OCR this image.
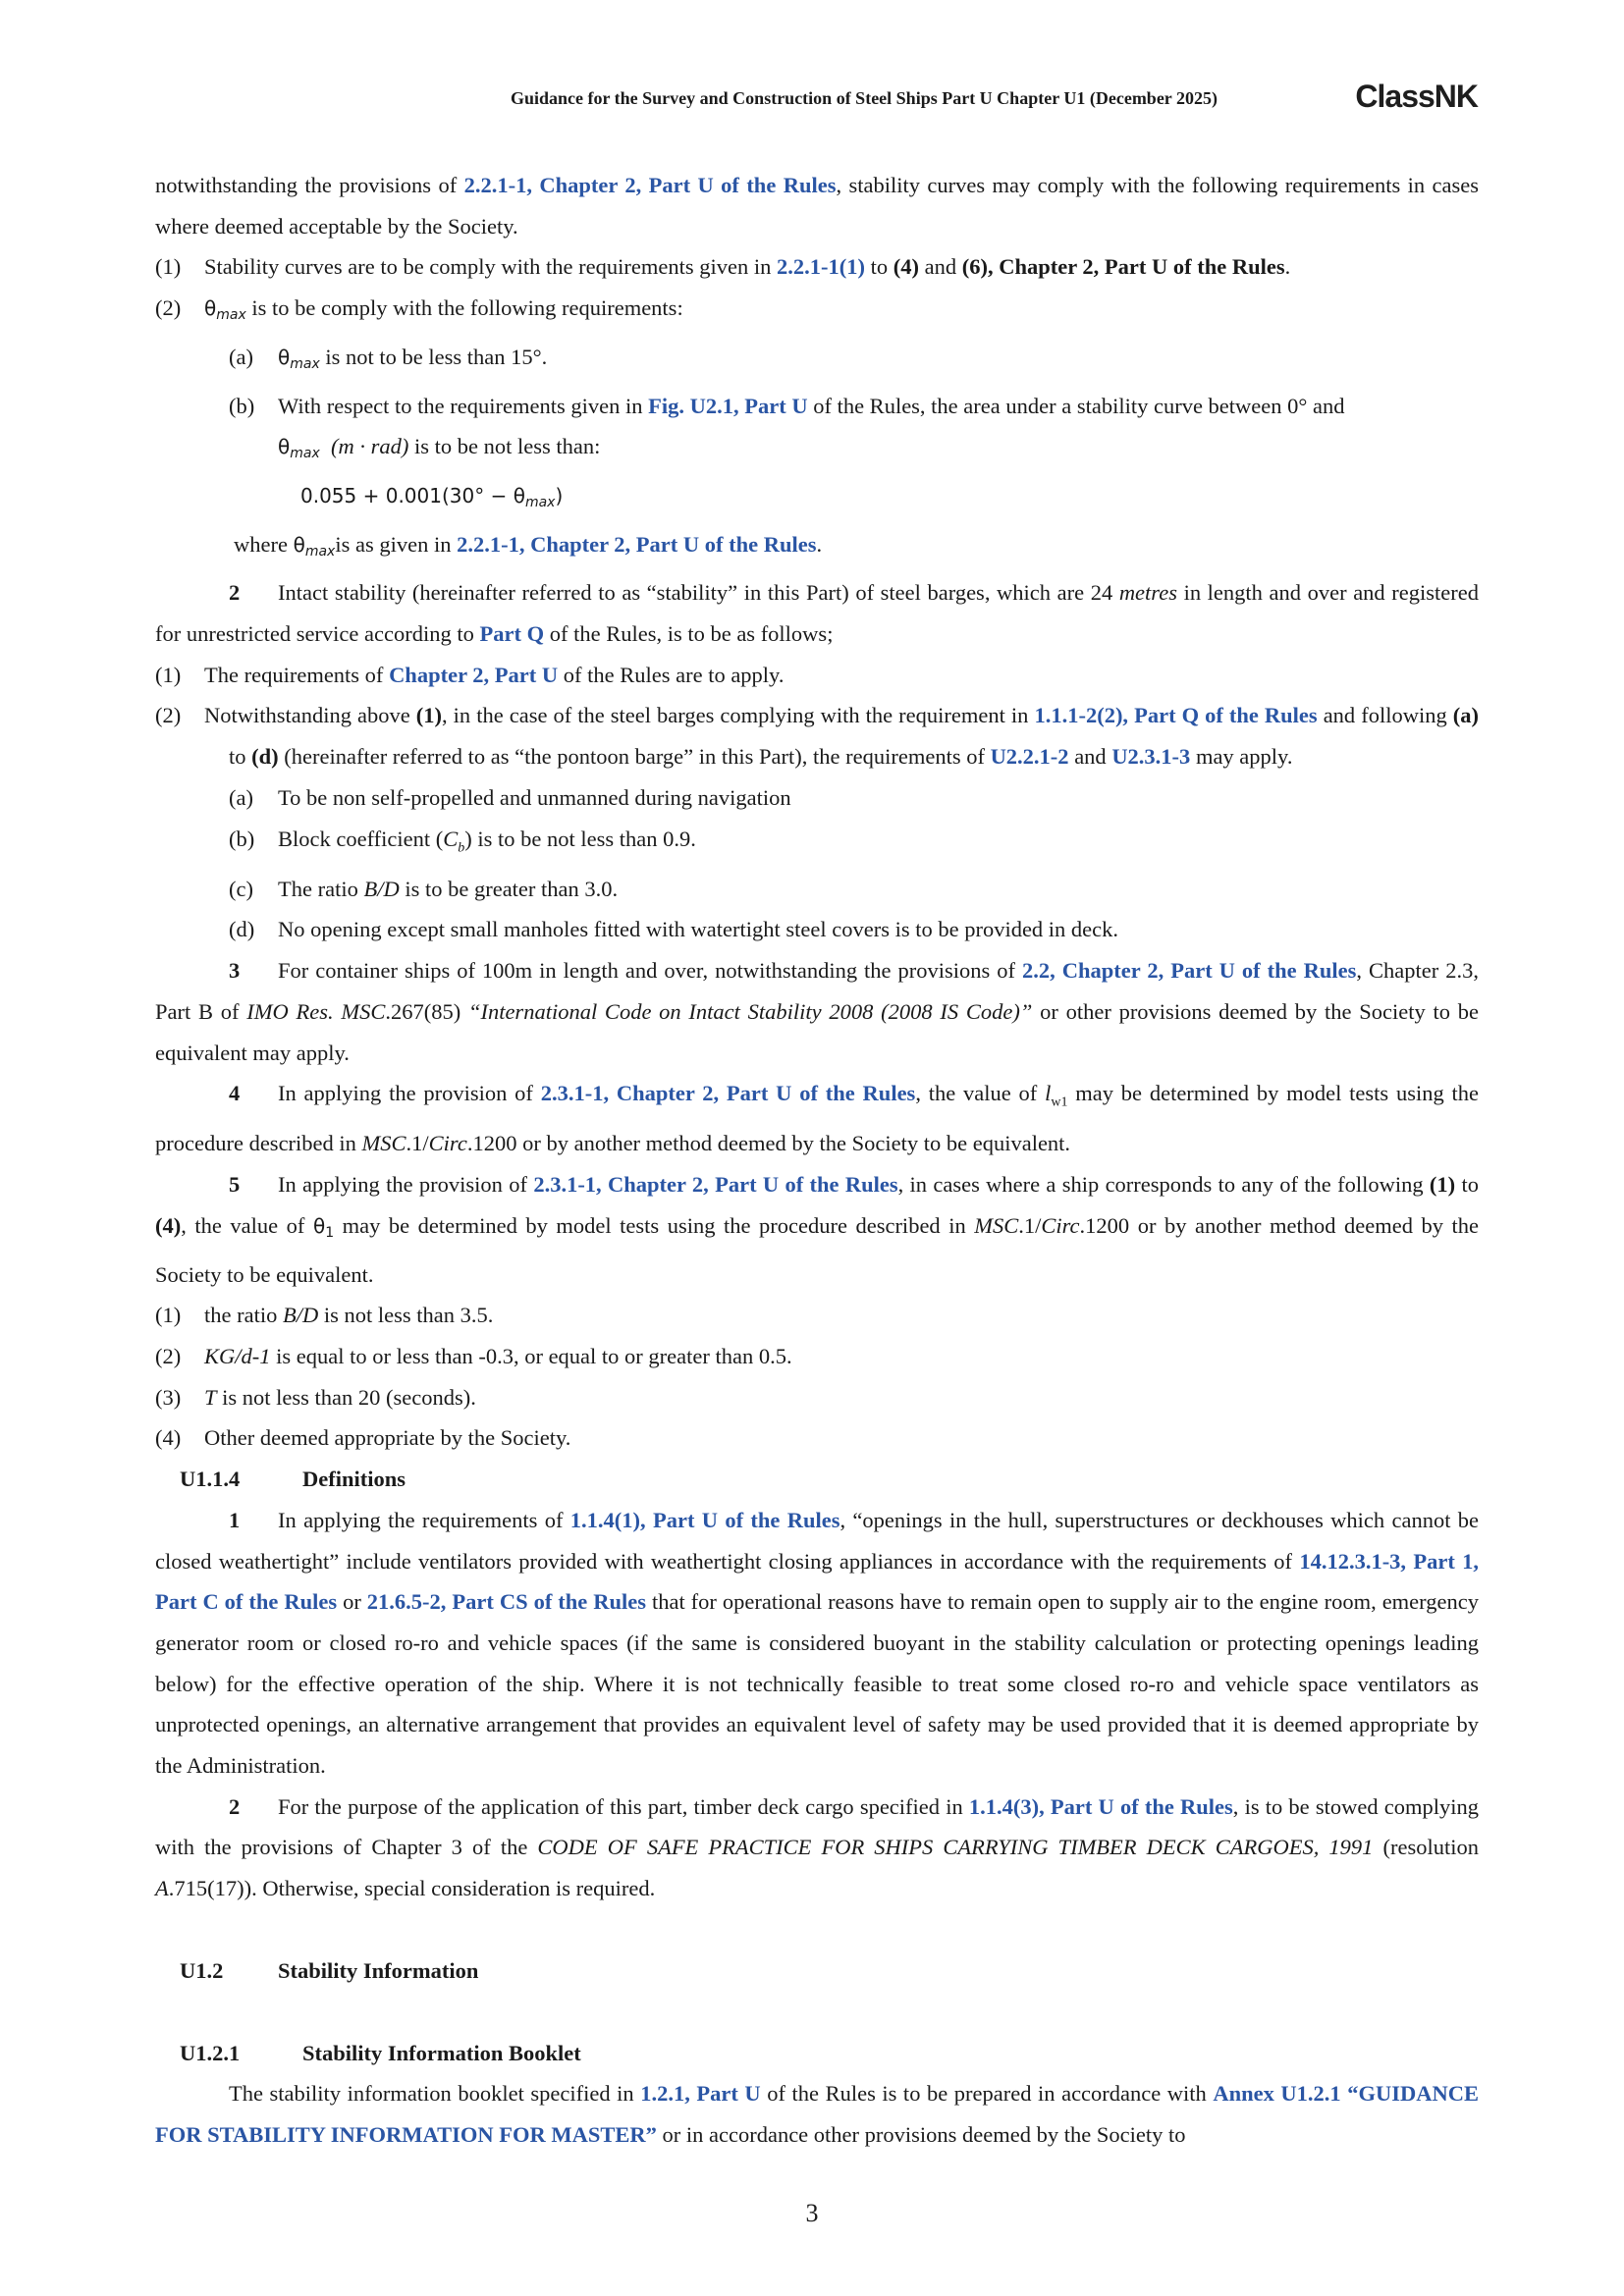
Guidance for the Survey and Construction of Steel Ships Part U Chapter U1 (December 2025)	ClassNK

notwithstanding the provisions of 2.2.1-1, Chapter 2, Part U of the Rules, stability curves may comply with the following requirements in cases where deemed acceptable by the Society.

(1) Stability curves are to be comply with the requirements given in 2.2.1-1(1) to (4) and (6), Chapter 2, Part U of the Rules.

(2) θmax is to be comply with the following requirements:

(a) θmax is not to be less than 15°.

(b) With respect to the requirements given in Fig. U2.1, Part U of the Rules, the area under a stability curve between 0° and

θmax (m · rad) is to be not less than:

0.055 + 0.001(30° − θmax)

where θmaxis as given in 2.2.1-1, Chapter 2, Part U of the Rules.

2 Intact stability (hereinafter referred to as “stability” in this Part) of steel barges, which are 24 metres in length and over and registered for unrestricted service according to Part Q of the Rules, is to be as follows;

(1) The requirements of Chapter 2, Part U of the Rules are to apply.

(2) Notwithstanding above (1), in the case of the steel barges complying with the requirement in 1.1.1-2(2), Part Q of the Rules and following (a) to (d) (hereinafter referred to as “the pontoon barge” in this Part), the requirements of U2.2.1-2 and U2.3.1-3 may apply.

(a) To be non self-propelled and unmanned during navigation

(b) Block coefficient $(C_b)$ is to be not less than 0.9.

(c) The ratio B/D is to be greater than 3.0.

(d) No opening except small manholes fitted with watertight steel covers is to be provided in deck.

3 For container ships of 100m in length and over, notwithstanding the provisions of 2.2, Chapter 2, Part U of the Rules, Chapter 2.3, Part B of IMO Res. MSC.267(85) “International Code on Intact Stability 2008 (2008 IS Code)” or other provisions deemed by the Society to be equivalent may apply.

4 In applying the provision of 2.3.1-1, Chapter 2, Part U of the Rules, the value of $l_{w1}$ may be determined by model tests using the procedure described in MSC.1/Circ.1200 or by another method deemed by the Society to be equivalent.

5 In applying the provision of 2.3.1-1, Chapter 2, Part U of the Rules, in cases where a ship corresponds to any of the following (1) to (4), the value of θ1 may be determined by model tests using the procedure described in MSC.1/Circ.1200 or by another method deemed by the Society to be equivalent.

(1) the ratio B/D is not less than 3.5.

(2) KG/d-1 is equal to or less than -0.3, or equal to or greater than 0.5.

(3) T is not less than 20 (seconds).

(4) Other deemed appropriate by the Society.

U1.1.4	Definitions

1 In applying the requirements of 1.1.4(1), Part U of the Rules, “openings in the hull, superstructures or deckhouses which cannot be closed weathertight” include ventilators provided with weathertight closing appliances in accordance with the requirements of 14.12.3.1-3, Part 1, Part C of the Rules or 21.6.5-2, Part CS of the Rules that for operational reasons have to remain open to supply air to the engine room, emergency generator room or closed ro-ro and vehicle spaces (if the same is considered buoyant in the stability calculation or protecting openings leading below) for the effective operation of the ship. Where it is not technically feasible to treat some closed ro-ro and vehicle space ventilators as unprotected openings, an alternative arrangement that provides an equivalent level of safety may be used provided that it is deemed appropriate by the Administration.

2 For the purpose of the application of this part, timber deck cargo specified in 1.1.4(3), Part U of the Rules, is to be stowed complying with the provisions of Chapter 3 of the CODE OF SAFE PRACTICE FOR SHIPS CARRYING TIMBER DECK CARGOES, 1991 (resolution A.715(17)). Otherwise, special consideration is required.

U1.2 Stability Information

U1.2.1	Stability Information Booklet

The stability information booklet specified in 1.2.1, Part U of the Rules is to be prepared in accordance with Annex U1.2.1 “GUIDANCE FOR STABILITY INFORMATION FOR MASTER” or in accordance other provisions deemed by the Society to

3
